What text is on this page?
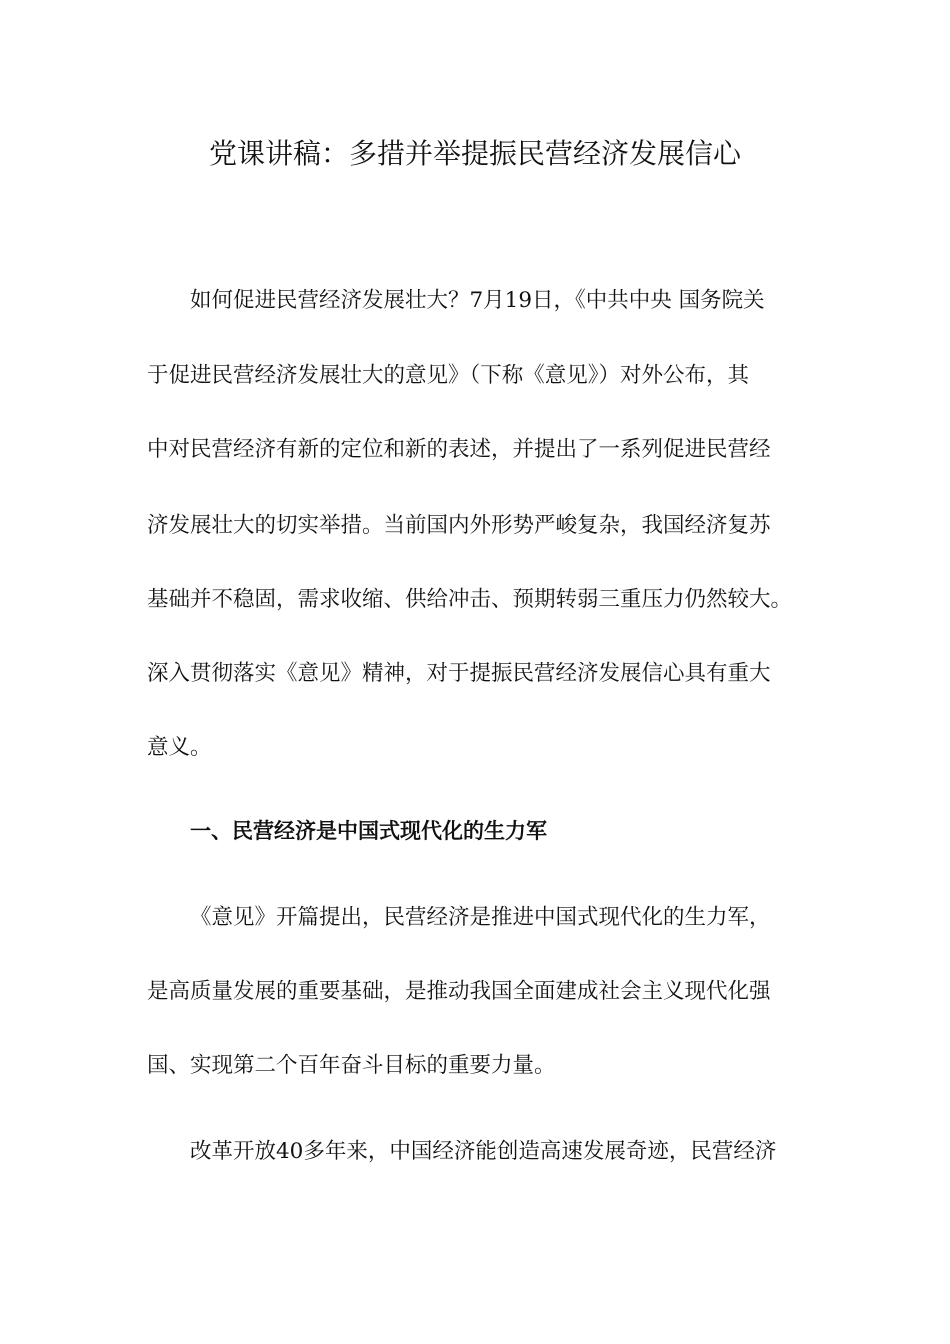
党课讲稿：多措并举提振民营经济发展信心
如何促进民营经济发展壮大？7月19日，《中共中央 国务院关
于促进民营经济发展壮大的意见》（下称《意见》）对外公布，其
中对民营经济有新的定位和新的表述，并提出了一系列促进民营经
济发展壮大的切实举措。当前国内外形势严峻复杂，我国经济复苏
基础并不稳固，需求收缩、供给冲击、预期转弱三重压力仍然较大。
深入贯彻落实《意见》精神，对于提振民营经济发展信心具有重大
意义。
一、民营经济是中国式现代化的生力军
《意见》开篇提出，民营经济是推进中国式现代化的生力军，
是高质量发展的重要基础，是推动我国全面建成社会主义现代化强
国、实现第二个百年奋斗目标的重要力量。
改革开放40多年来，中国经济能创造高速发展奇迹，民营经济
